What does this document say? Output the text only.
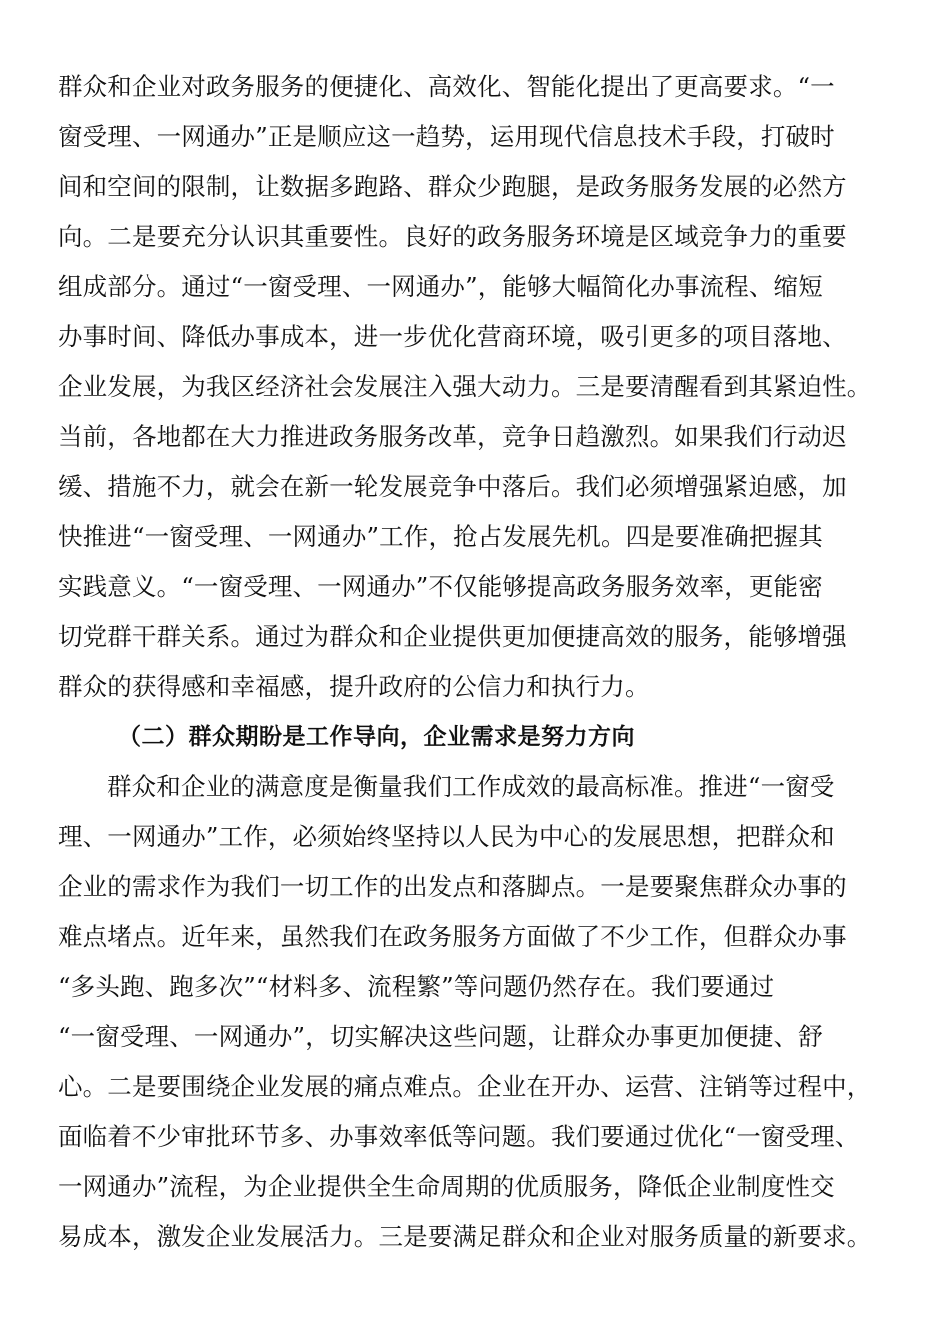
群众和企业对政务服务的便捷化、高效化、智能化提出了更高要求。“一
窗受理、一网通办”正是顺应这一趋势，运用现代信息技术手段，打破时
间和空间的限制，让数据多跑路、群众少跑腿，是政务服务发展的必然方
向。二是要充分认识其重要性。良好的政务服务环境是区域竞争力的重要
组成部分。通过“一窗受理、一网通办”，能够大幅简化办事流程、缩短
办事时间、降低办事成本，进一步优化营商环境，吸引更多的项目落地、
企业发展，为我区经济社会发展注入强大动力。三是要清醒看到其紧迫性。
当前，各地都在大力推进政务服务改革，竞争日趋激烈。如果我们行动迟
缓、措施不力，就会在新一轮发展竞争中落后。我们必须增强紧迫感，加
快推进“一窗受理、一网通办”工作，抢占发展先机。四是要准确把握其
实践意义。“一窗受理、一网通办”不仅能够提高政务服务效率，更能密
切党群干群关系。通过为群众和企业提供更加便捷高效的服务，能够增强
群众的获得感和幸福感，提升政府的公信力和执行力。
（二）群众期盼是工作导向，企业需求是努力方向
群众和企业的满意度是衡量我们工作成效的最高标准。推进“一窗受
理、一网通办”工作，必须始终坚持以人民为中心的发展思想，把群众和
企业的需求作为我们一切工作的出发点和落脚点。一是要聚焦群众办事的
难点堵点。近年来，虽然我们在政务服务方面做了不少工作，但群众办事
“多头跑、跑多次”“材料多、流程繁”等问题仍然存在。我们要通过
“一窗受理、一网通办”，切实解决这些问题，让群众办事更加便捷、舒
心。二是要围绕企业发展的痛点难点。企业在开办、运营、注销等过程中，
面临着不少审批环节多、办事效率低等问题。我们要通过优化“一窗受理、
一网通办”流程，为企业提供全生命周期的优质服务，降低企业制度性交
易成本，激发企业发展活力。三是要满足群众和企业对服务质量的新要求。
